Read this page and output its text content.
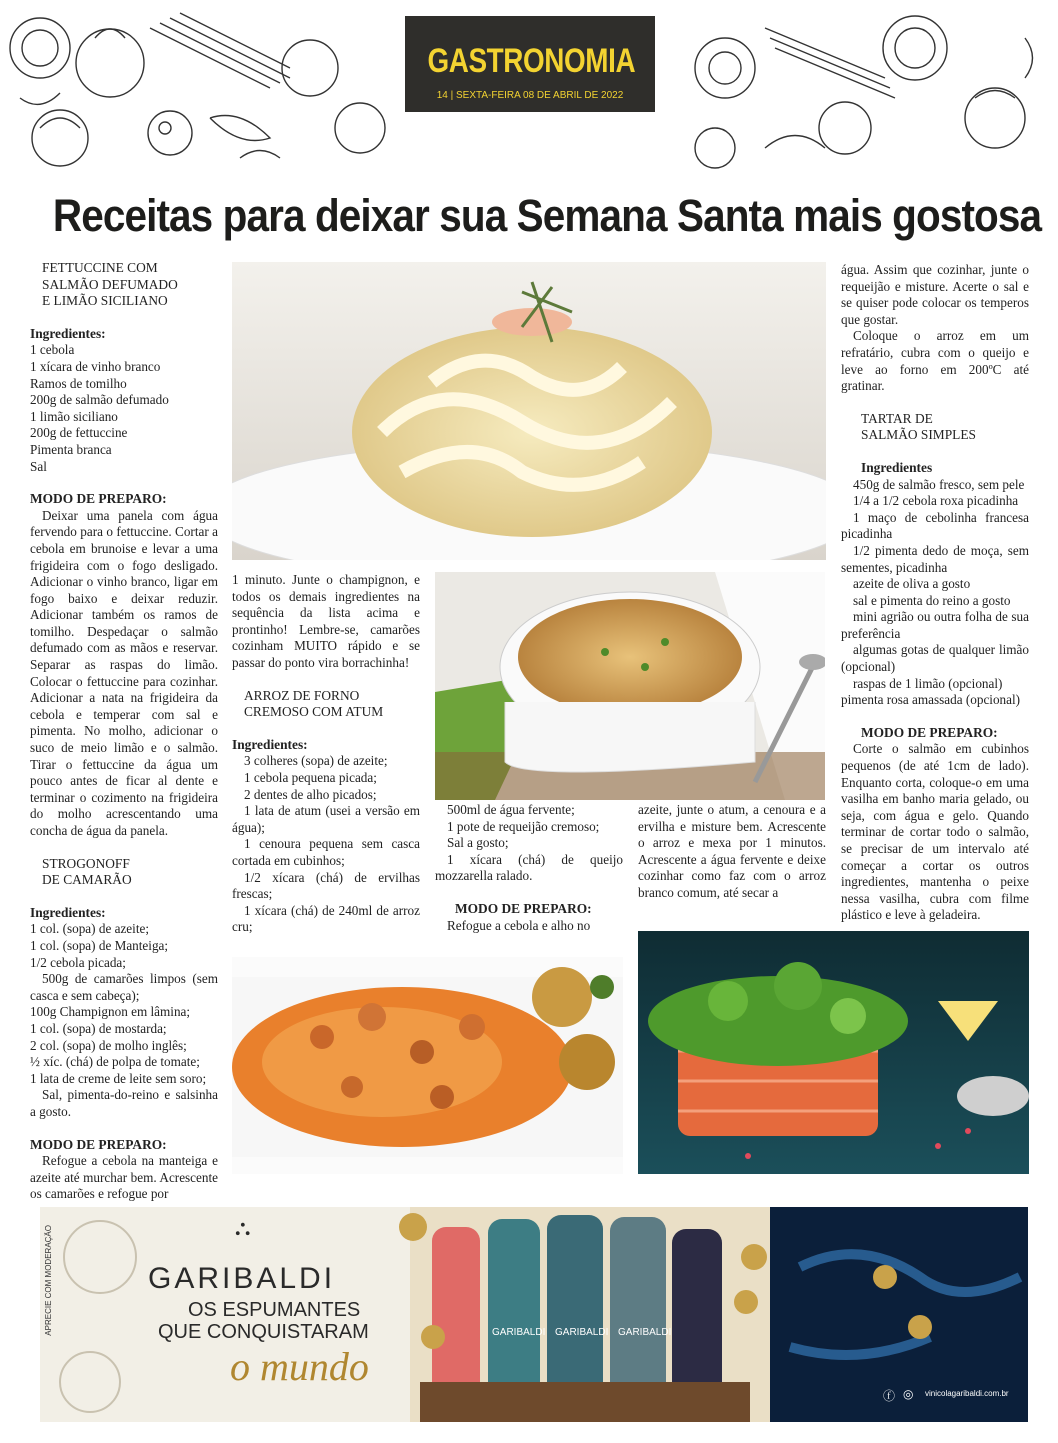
GASTRONOMIA
14 | SEXTA-FEIRA 08 DE ABRIL DE 2022
Receitas para deixar sua Semana Santa mais gostosa

FETTUCCINE COM

SALMÃO DEFUMADO

E LIMÃO SICILIANO

Ingredientes:

1 cebola

1 xícara de vinho branco

Ramos de tomilho

200g de salmão defumado

1 limão siciliano

200g de fettuccine

Pimenta branca

Sal

MODO DE PREPARO:

Deixar uma panela com água fervendo para o fettuccine. Cortar a cebola em brunoise e levar a uma frigideira com o fogo desligado. Adicionar o vinho branco, ligar em fogo baixo e deixar reduzir. Adicionar também os ramos de tomilho. Despedaçar o salmão defumado com as mãos e reservar. Separar as raspas do limão. Colocar o fettuccine para cozinhar. Adicionar a nata na frigideira da cebola e temperar com sal e pimenta. No molho, adicionar o suco de meio limão e o salmão. Tirar o fettuccine da água um pouco antes de ficar al dente e terminar o cozimento na frigideira do molho acrescentando uma concha de água da panela.

STROGONOFF

DE CAMARÃO

Ingredientes:

1 col. (sopa) de azeite;

1 col. (sopa) de Manteiga;

1/2 cebola picada;

500g de camarões limpos (sem casca e sem cabeça);

100g Champignon em lâmina;

1 col. (sopa) de mostarda;

2 col. (sopa) de molho inglês;

½ xíc. (chá) de polpa de tomate;

1 lata de creme de leite sem soro;

Sal, pimenta-do-reino e salsinha a gosto.

MODO DE PREPARO:

Refogue a cebola na manteiga e azeite até murchar bem. Acrescente os camarões e refogue por

1 minuto. Junte o champignon, e todos os demais ingredientes na sequência da lista acima e prontinho! Lembre-se, camarões cozinham MUITO rápido e se passar do ponto vira borrachinha!

ARROZ DE FORNO

CREMOSO COM ATUM

Ingredientes:

3 colheres (sopa) de azeite;

1 cebola pequena picada;

2 dentes de alho picados;

1 lata de atum (usei a versão em água);

1 cenoura pequena sem casca cortada em cubinhos;

1/2 xícara (chá) de ervilhas frescas;

1 xícara (chá) de 240ml de arroz cru;

500ml de água fervente;

1 pote de requeijão cremoso;

Sal a gosto;

1 xícara (chá) de queijo mozzarella ralado.

MODO DE PREPARO:

Refogue a cebola e alho no

azeite, junte o atum, a cenoura e a ervilha e misture bem. Acrescente o arroz e mexa por 1 minutos. Acrescente a água fervente e deixe cozinhar como faz com o arroz branco comum, até secar a

água. Assim que cozinhar, junte o requeijão e misture. Acerte o sal e se quiser pode colocar os temperos que gostar.

Coloque o arroz em um refratário, cubra com o queijo e leve ao forno em 200ºC até gratinar.

TARTAR DE

SALMÃO SIMPLES

Ingredientes

450g de salmão fresco, sem pele

1/4 a 1/2 cebola roxa picadinha

1 maço de cebolinha francesa picadinha

1/2 pimenta dedo de moça, sem sementes, picadinha

azeite de oliva a gosto

sal e pimenta do reino a gosto

mini agrião ou outra folha de sua preferência

algumas gotas de qualquer limão (opcional)

raspas de 1 limão (opcional)

pimenta rosa amassada (opcional)

MODO DE PREPARO:

Corte o salmão em cubinhos pequenos (de até 1cm de lado). Enquanto corta, coloque-o em uma vasilha em banho maria gelado, ou seja, com água e gelo. Quando terminar de cortar todo o salmão, se precisar de um intervalo até começar a cortar os outros ingredientes, mantenha o peixe nessa vasilha, cubra com filme plástico e leve à geladeira.

⛬
GARIBALDI
OS ESPUMANTES
QUE CONQUISTARAM
o mundo
GARIBALDI GARIBALDI GARIBALDI
ⓕ ◎ vinicolagaribaldi.com.br
APRECIE COM MODERAÇÃO
